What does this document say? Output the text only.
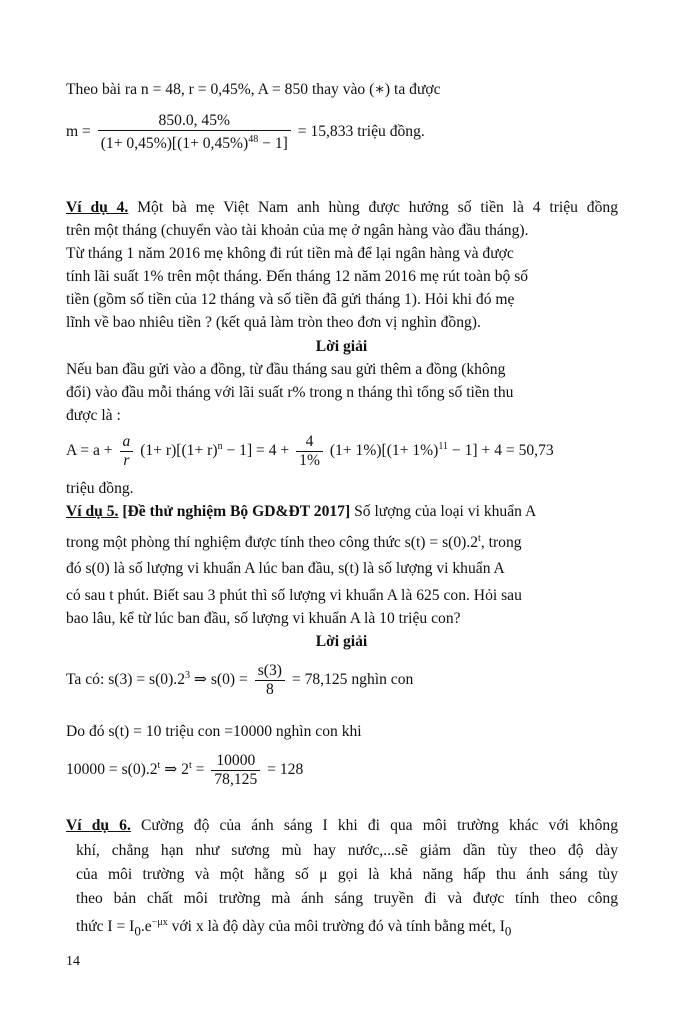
Theo bài ra n = 48, r = 0,45%, A = 850 thay vào (∗) ta được
$m = \frac{850.0, 45\%}{(1+ 0,45\%)[(1+ 0,45\%)^{48} - 1]} = 15,833$ triệu đồng.
Ví dụ 4. Một bà mẹ Việt Nam anh hùng được hưởng số tiền là 4 triệu đồng
trên một tháng (chuyển vào tài khoản của mẹ ở ngân hàng vào đầu tháng).
Từ tháng 1 năm 2016 mẹ không đi rút tiền mà để lại ngân hàng và được
tính lãi suất 1% trên một tháng. Đến tháng 12 năm 2016 mẹ rút toàn bộ số
tiền (gồm số tiền của 12 tháng và số tiền đã gửi tháng 1). Hỏi khi đó mẹ
lĩnh về bao nhiêu tiền ? (kết quả làm tròn theo đơn vị nghìn đồng).
Lời giải
Nếu ban đầu gửi vào a đồng, từ đầu tháng sau gửi thêm a đồng (không
đổi) vào đầu mỗi tháng với lãi suất r% trong n tháng thì tổng số tiền thu
được là :
$A = a + \frac{a}{r} (1+ r)[(1+ r)^n - 1] = 4 + \frac{4}{1\%} (1+ 1\%)[(1+ 1\%)^{11} - 1] + 4 = 50,73$
triệu đồng.
Ví dụ 5. [Đề thử nghiệm Bộ GD&ĐT 2017] Số lượng của loại vi khuẩn A
trong một phòng thí nghiệm được tính theo công thức $s(t) = s(0).2^t$, trong
đó s(0) là số lượng vi khuẩn A lúc ban đầu, s(t) là số lượng vi khuẩn A
có sau t phút. Biết sau 3 phút thì số lượng vi khuẩn A là 625 con. Hỏi sau
bao lâu, kể từ lúc ban đầu, số lượng vi khuẩn A là 10 triệu con?
Lời giải
Ta có: $s(3) = s(0).2^3$ ⇒ $s(0) = \frac{s(3)}{8} = 78,125$ nghìn con
Do đó s(t) = 10 triệu con =10000 nghìn con khi
$10000 = s(0).2^t$ ⇒ $2^t = \frac{10000}{78,125} = 128$
Ví dụ 6. Cường độ của ánh sáng I khi đi qua môi trường khác với không
khí, chẳng hạn như sương mù hay nước,...sẽ giảm dần tùy theo độ dày
của môi trường và một hằng số μ gọi là khả năng hấp thu ánh sáng tùy
theo bản chất môi trường mà ánh sáng truyền đi và được tính theo công
thức $I = I_0.e^{-\mu x}$ với x là độ dày của môi trường đó và tính bằng mét, $I_0$
14
